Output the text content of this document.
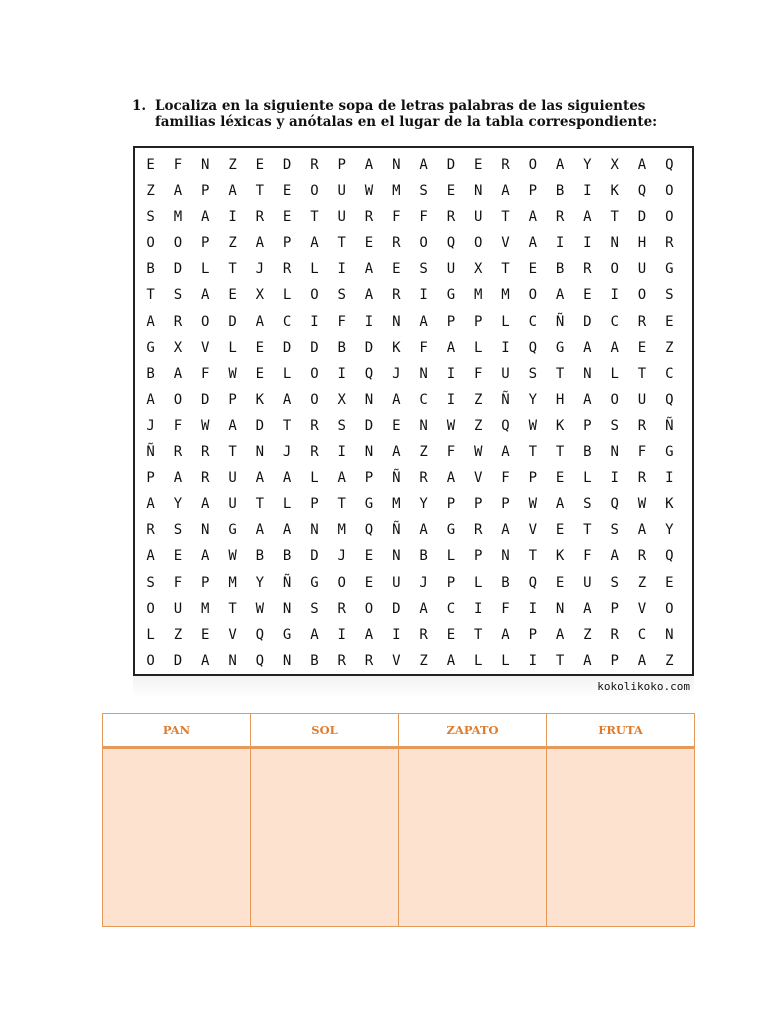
1. Localiza en la siguiente sopa de letras palabras de las siguientes familias léxicas y anótalas en el lugar de la tabla correspondiente:
E	F	N	Z	E	D	R	P	A	N	A	D	E	R	O	A	Y	X	A	Q
Z	A	P	A	T	E	O	U	W	M	S	E	N	A	P	B	I	K	Q	O
S	M	A	I	R	E	T	U	R	F	F	R	U	T	A	R	A	T	D	O
O	O	P	Z	A	P	A	T	E	R	O	Q	O	V	A	I	I	N	H	R
B	D	L	T	J	R	L	I	A	E	S	U	X	T	E	B	R	O	U	G
T	S	A	E	X	L	O	S	A	R	I	G	M	M	O	A	E	I	O	S
A	R	O	D	A	C	I	F	I	N	A	P	P	L	C	Ñ	D	C	R	E
G	X	V	L	E	D	D	B	D	K	F	A	L	I	Q	G	A	A	E	Z
B	A	F	W	E	L	O	I	Q	J	N	I	F	U	S	T	N	L	T	C
A	O	D	P	K	A	O	X	N	A	C	I	Z	Ñ	Y	H	A	O	U	Q
J	F	W	A	D	T	R	S	D	E	N	W	Z	Q	W	K	P	S	R	Ñ
Ñ	R	R	T	N	J	R	I	N	A	Z	F	W	A	T	T	B	N	F	G
P	A	R	U	A	A	L	A	P	Ñ	R	A	V	F	P	E	L	I	R	I
A	Y	A	U	T	L	P	T	G	M	Y	P	P	P	W	A	S	Q	W	K
R	S	N	G	A	A	N	M	Q	Ñ	A	G	R	A	V	E	T	S	A	Y
A	E	A	W	B	B	D	J	E	N	B	L	P	N	T	K	F	A	R	Q
S	F	P	M	Y	Ñ	G	O	E	U	J	P	L	B	Q	E	U	S	Z	E
O	U	M	T	W	N	S	R	O	D	A	C	I	F	I	N	A	P	V	O
L	Z	E	V	Q	G	A	I	A	I	R	E	T	A	P	A	Z	R	C	N
O	D	A	N	Q	N	B	R	R	V	Z	A	L	L	I	T	A	P	A	Z
kokolikoko.com
PAN	SOL	ZAPATO	FRUTA
